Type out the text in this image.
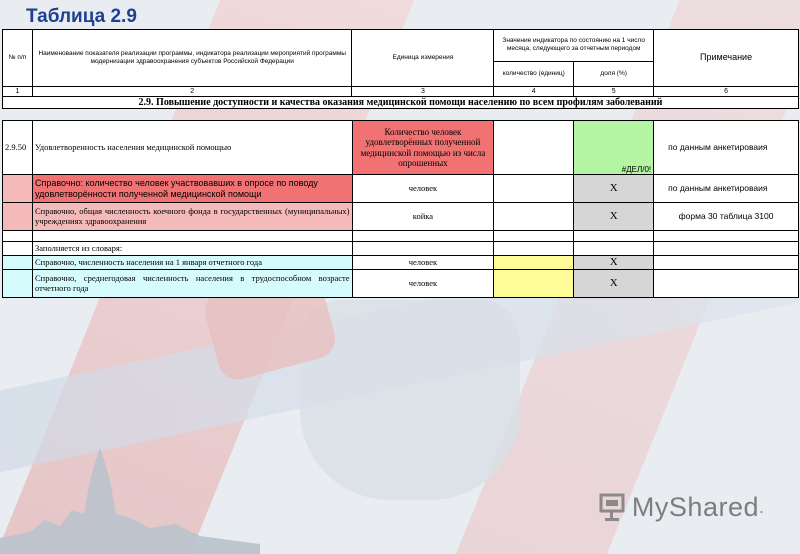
Таблица 2.9
№ п/п	Наименование показателя реализации программы, индикатора реализации мероприятий программы модернизации здравоохранения субъектов Российской Федерации	Единица измерения	Значение индикатора по состоянию на 1 число месяца, следующего за отчетным периодом		Примечание
			количество (единиц)	доля (%)	
1	2	3	4	5	6
2.9. Повышение доступности и качества оказания медицинской помощи населению по всем профилям заболеваний					
2.9.50	Удовлетворенность населения медицинской помощью	Количество человек удовлетворённых полученной медицинской помощью из числа опрошенных		#ДЕЛ/0!	по данным анкетироваия
	Справочно: количество человек участвовавших в опросе по поводу удовлетворённости полученной медицинской помощи	человек		X	по данным анкетироваия
	Справочно, общая численность коечного фонда в государственных (муниципальных) учреждениях здравоохранения	койка		X	форма 30 таблица 3100

	Заполняется из словаря:				
	Справочно, численность населения на 1 января отчетного года	человек		X	
	Справочно, среднегодовая численность населения в трудоспособном возрасте отчетного года	человек		X	
MyShared .
